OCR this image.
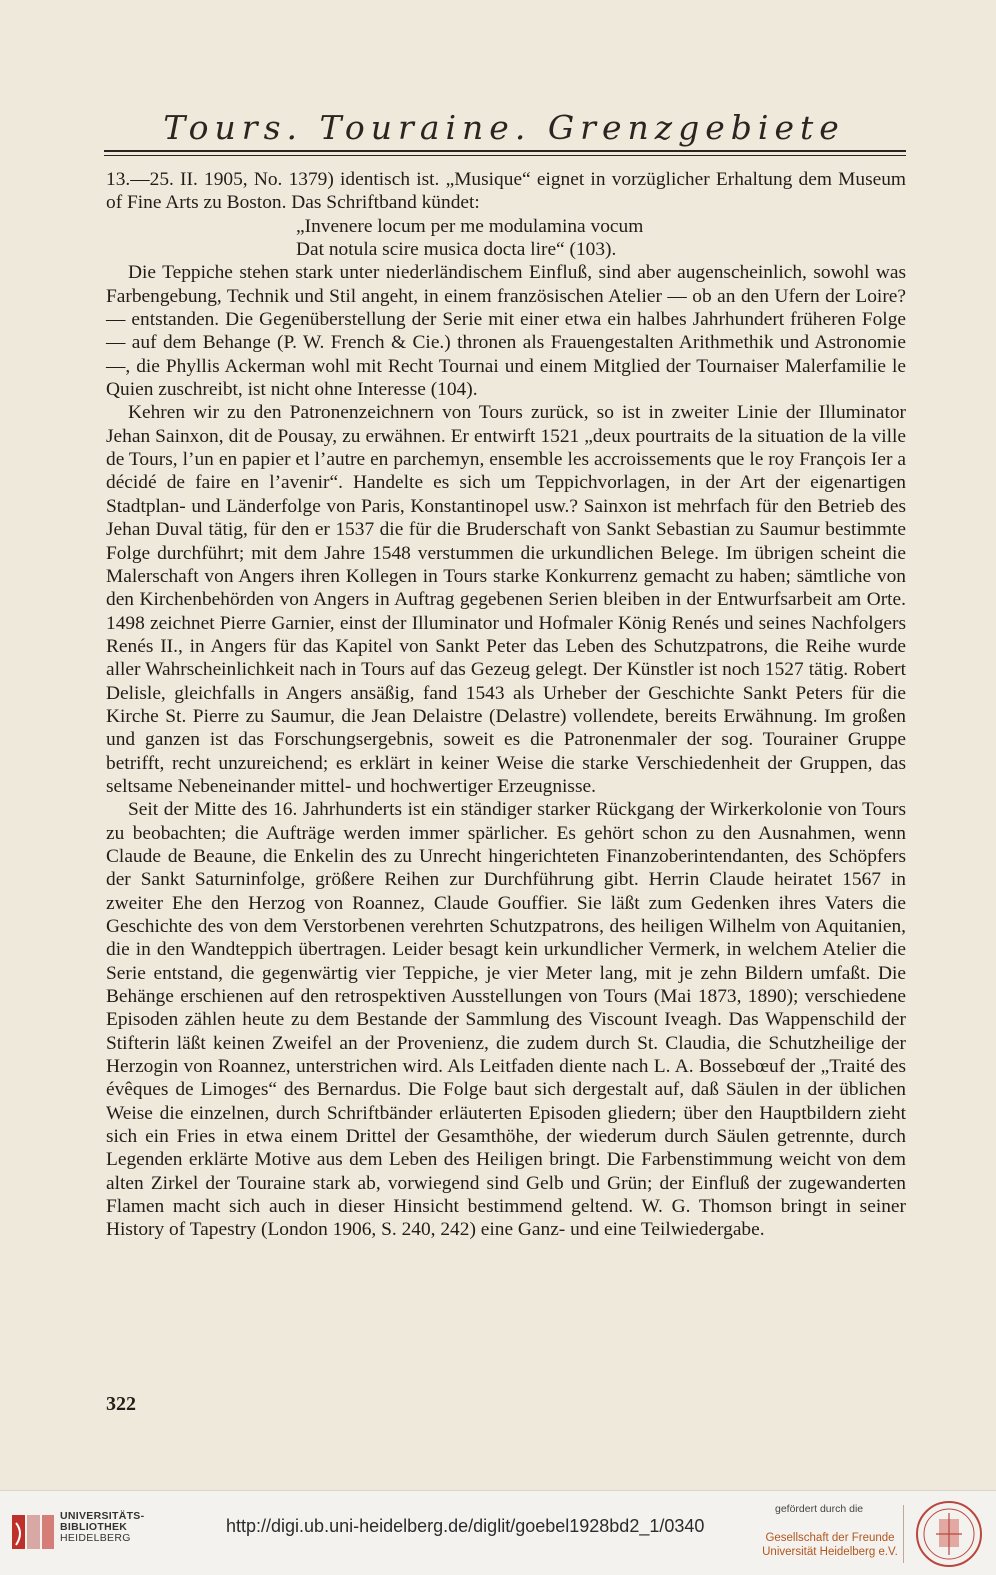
Tours. Touraine. Grenzgebiete

13.—25. II. 1905, No. 1379) identisch ist. „Musique“ eignet in vorzüglicher Erhaltung dem Museum of Fine Arts zu Boston. Das Schriftband kündet:

„Invenere locum per me modulamina vocum

Dat notula scire musica docta lire“ (103).

Die Teppiche stehen stark unter niederländischem Einfluß, sind aber augenscheinlich, sowohl was Farbengebung, Technik und Stil angeht, in einem französischen Atelier — ob an den Ufern der Loire? — entstanden. Die Gegenüberstellung der Serie mit einer etwa ein halbes Jahrhundert früheren Folge — auf dem Behange (P. W. French & Cie.) thronen als Frauengestalten Arithmethik und Astronomie —, die Phyllis Ackerman wohl mit Recht Tournai und einem Mitglied der Tournaiser Malerfamilie le Quien zuschreibt, ist nicht ohne Interesse (104).

Kehren wir zu den Patronenzeichnern von Tours zurück, so ist in zweiter Linie der Illuminator Jehan Sainxon, dit de Pousay, zu erwähnen. Er entwirft 1521 „deux pourtraits de la situation de la ville de Tours, l’un en papier et l’autre en parchemyn, ensemble les accroissements que le roy François Ier a décidé de faire en l’avenir“. Handelte es sich um Teppichvorlagen, in der Art der eigenartigen Stadtplan- und Länderfolge von Paris, Konstantinopel usw.? Sainxon ist mehrfach für den Betrieb des Jehan Duval tätig, für den er 1537 die für die Bruderschaft von Sankt Sebastian zu Saumur bestimmte Folge durchführt; mit dem Jahre 1548 verstummen die urkundlichen Belege. Im übrigen scheint die Malerschaft von Angers ihren Kollegen in Tours starke Konkurrenz gemacht zu haben; sämtliche von den Kirchenbehörden von Angers in Auftrag gegebenen Serien bleiben in der Entwurfsarbeit am Orte. 1498 zeichnet Pierre Garnier, einst der Illuminator und Hofmaler König Renés und seines Nachfolgers Renés II., in Angers für das Kapitel von Sankt Peter das Leben des Schutzpatrons, die Reihe wurde aller Wahrscheinlichkeit nach in Tours auf das Gezeug gelegt. Der Künstler ist noch 1527 tätig. Robert Delisle, gleichfalls in Angers ansäßig, fand 1543 als Urheber der Geschichte Sankt Peters für die Kirche St. Pierre zu Saumur, die Jean Delaistre (Delastre) vollendete, bereits Erwähnung. Im großen und ganzen ist das Forschungsergebnis, soweit es die Patronenmaler der sog. Tourainer Gruppe betrifft, recht unzureichend; es erklärt in keiner Weise die starke Verschiedenheit der Gruppen, das seltsame Nebeneinander mittel- und hochwertiger Erzeugnisse.

Seit der Mitte des 16. Jahrhunderts ist ein ständiger starker Rückgang der Wirkerkolonie von Tours zu beobachten; die Aufträge werden immer spärlicher. Es gehört schon zu den Ausnahmen, wenn Claude de Beaune, die Enkelin des zu Unrecht hingerichteten Finanzoberintendanten, des Schöpfers der Sankt Saturninfolge, größere Reihen zur Durchführung gibt. Herrin Claude heiratet 1567 in zweiter Ehe den Herzog von Roannez, Claude Gouffier. Sie läßt zum Gedenken ihres Vaters die Geschichte des von dem Verstorbenen verehrten Schutzpatrons, des heiligen Wilhelm von Aquitanien, die in den Wandteppich übertragen. Leider besagt kein urkundlicher Vermerk, in welchem Atelier die Serie entstand, die gegenwärtig vier Teppiche, je vier Meter lang, mit je zehn Bildern umfaßt. Die Behänge erschienen auf den retrospektiven Ausstellungen von Tours (Mai 1873, 1890); verschiedene Episoden zählen heute zu dem Bestande der Sammlung des Viscount Iveagh. Das Wappenschild der Stifterin läßt keinen Zweifel an der Provenienz, die zudem durch St. Claudia, die Schutzheilige der Herzogin von Roannez, unterstrichen wird. Als Leitfaden diente nach L. A. Bossebœuf der „Traité des évêques de Limoges“ des Bernardus. Die Folge baut sich dergestalt auf, daß Säulen in der üblichen Weise die einzelnen, durch Schriftbänder erläuterten Episoden gliedern; über den Hauptbildern zieht sich ein Fries in etwa einem Drittel der Gesamthöhe, der wiederum durch Säulen getrennte, durch Legenden erklärte Motive aus dem Leben des Heiligen bringt. Die Farbenstimmung weicht von dem alten Zirkel der Touraine stark ab, vorwiegend sind Gelb und Grün; der Einfluß der zugewanderten Flamen macht sich auch in dieser Hinsicht bestimmend geltend. W. G. Thomson bringt in seiner History of Tapestry (London 1906, S. 240, 242) eine Ganz- und eine Teilwiedergabe.

322
UNIVERSITÄTS-
BIBLIOTHEK
HEIDELBERG
http://digi.ub.uni-heidelberg.de/diglit/goebel1928bd2_1/0340
gefördert durch die
Gesellschaft der Freunde
Universität Heidelberg e.V.
